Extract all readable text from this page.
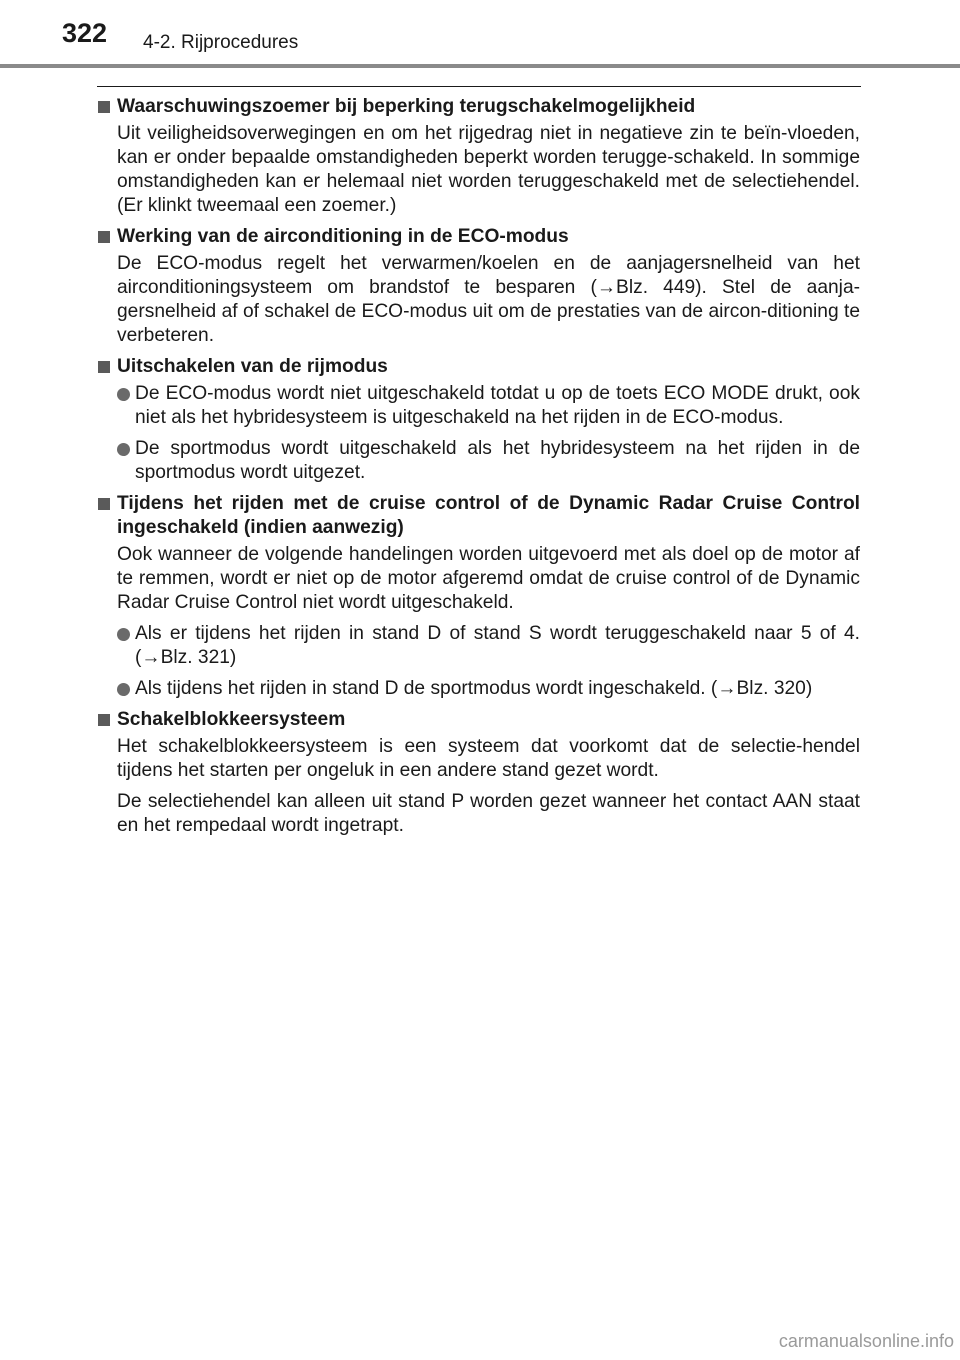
322 4-2. Rijprocedures
Waarschuwingszoemer bij beperking terugschakelmogelijkheid

Uit veiligheidsoverwegingen en om het rijgedrag niet in negatieve zin te beïn-vloeden, kan er onder bepaalde omstandigheden beperkt worden terugge-schakeld. In sommige omstandigheden kan er helemaal niet worden teruggeschakeld met de selectiehendel. (Er klinkt tweemaal een zoemer.)

Werking van de airconditioning in de ECO-modus

De ECO-modus regelt het verwarmen/koelen en de aanjagersnelheid van het airconditioningsysteem om brandstof te besparen (→Blz. 449). Stel de aanja-gersnelheid af of schakel de ECO-modus uit om de prestaties van de aircon-ditioning te verbeteren.

Uitschakelen van de rijmodus
De ECO-modus wordt niet uitgeschakeld totdat u op de toets ECO MODE drukt, ook niet als het hybridesysteem is uitgeschakeld na het rijden in de ECO-modus.
De sportmodus wordt uitgeschakeld als het hybridesysteem na het rijden in de sportmodus wordt uitgezet.
Tijdens het rijden met de cruise control of de Dynamic Radar Cruise Control ingeschakeld (indien aanwezig)

Ook wanneer de volgende handelingen worden uitgevoerd met als doel op de motor af te remmen, wordt er niet op de motor afgeremd omdat de cruise control of de Dynamic Radar Cruise Control niet wordt uitgeschakeld.

Als er tijdens het rijden in stand D of stand S wordt teruggeschakeld naar 5 of 4. (→Blz. 321)
Als tijdens het rijden in stand D de sportmodus wordt ingeschakeld. (→Blz. 320)
Schakelblokkeersysteem

Het schakelblokkeersysteem is een systeem dat voorkomt dat de selectie-hendel tijdens het starten per ongeluk in een andere stand gezet wordt.

De selectiehendel kan alleen uit stand P worden gezet wanneer het contact AAN staat en het rempedaal wordt ingetrapt.

carmanualsonline.info
